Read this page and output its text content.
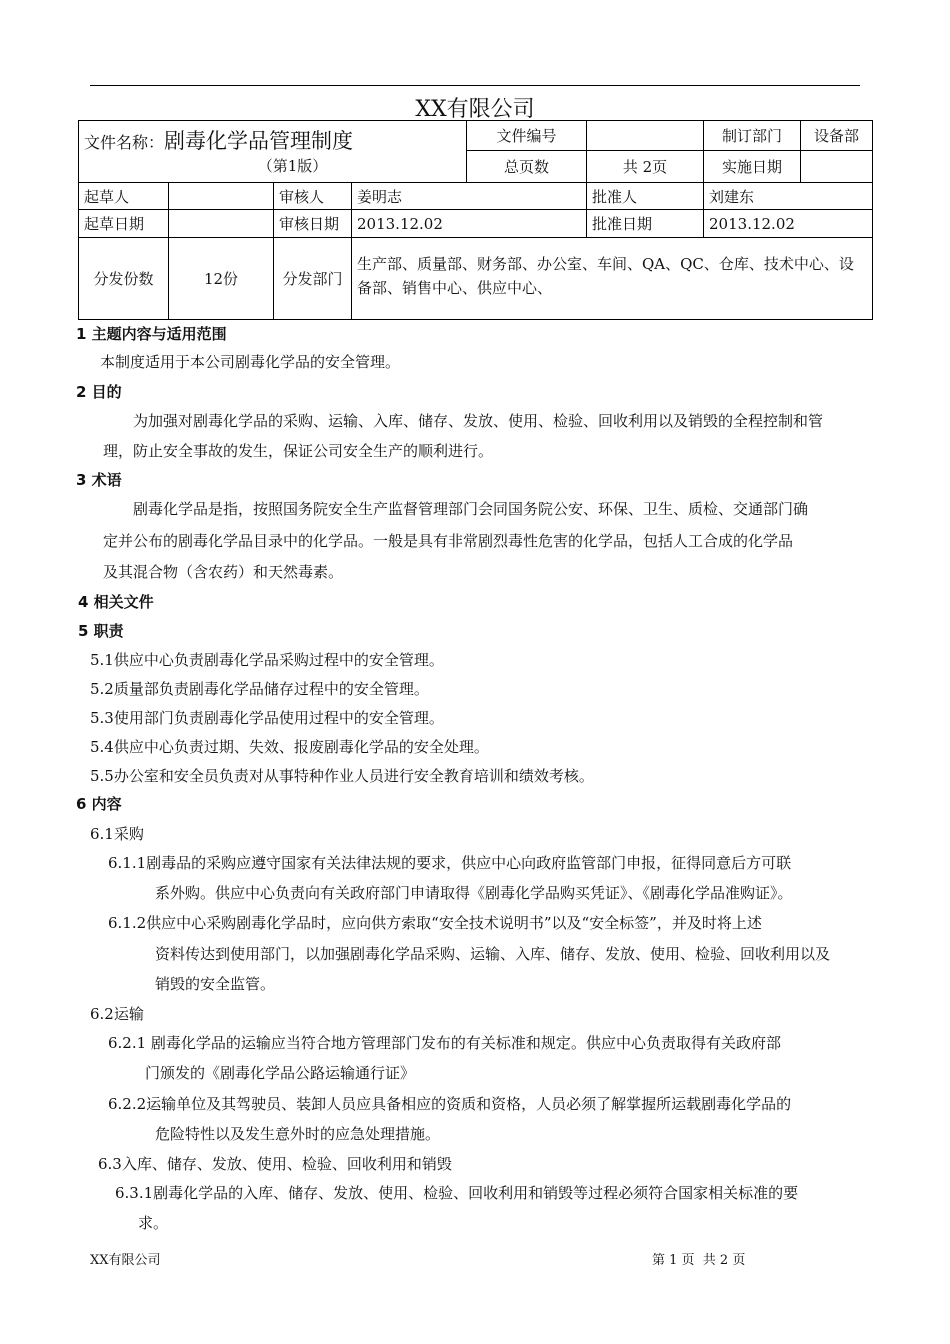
XX有限公司
文件名称：剧毒化学品管理制度
（第1版）				文件编号		制订部门	设备部
				总页数	共 2页	实施日期	
起草人		审核人	姜明志		批准人	刘建东	
起草日期		审核日期	2013.12.02		批准日期	2013.12.02	
分发份数	12份	分发部门	生产部、质量部、财务部、办公室、车间、QA、QC、仓库、技术中心、设备部、销售中心、供应中心、				
1 主题内容与适用范围
本制度适用于本公司剧毒化学品的安全管理。
2 目的
为加强对剧毒化学品的采购、运输、入库、储存、发放、使用、检验、回收利用以及销毁的全程控制和管
理，防止安全事故的发生，保证公司安全生产的顺利进行。
3 术语
剧毒化学品是指，按照国务院安全生产监督管理部门会同国务院公安、环保、卫生、质检、交通部门确
定并公布的剧毒化学品目录中的化学品。一般是具有非常剧烈毒性危害的化学品，包括人工合成的化学品
及其混合物（含农药）和天然毒素。
4 相关文件
5 职责
5.1供应中心负责剧毒化学品采购过程中的安全管理。
5.2质量部负责剧毒化学品储存过程中的安全管理。
5.3使用部门负责剧毒化学品使用过程中的安全管理。
5.4供应中心负责过期、失效、报废剧毒化学品的安全处理。
5.5办公室和安全员负责对从事特种作业人员进行安全教育培训和绩效考核。
6 内容
6.1采购
6.1.1剧毒品的采购应遵守国家有关法律法规的要求，供应中心向政府监管部门申报，征得同意后方可联
系外购。供应中心负责向有关政府部门申请取得《剧毒化学品购买凭证》、《剧毒化学品准购证》。
6.1.2供应中心采购剧毒化学品时，应向供方索取“安全技术说明书”以及“安全标签”，并及时将上述
资料传达到使用部门，以加强剧毒化学品采购、运输、入库、储存、发放、使用、检验、回收利用以及
销毁的安全监管。
6.2运输
6.2.1 剧毒化学品的运输应当符合地方管理部门发布的有关标准和规定。供应中心负责取得有关政府部
门颁发的《剧毒化学品公路运输通行证》
6.2.2运输单位及其驾驶员、装卸人员应具备相应的资质和资格，人员必须了解掌握所运载剧毒化学品的
危险特性以及发生意外时的应急处理措施。
6.3入库、储存、发放、使用、检验、回收利用和销毁
6.3.1剧毒化学品的入库、储存、发放、使用、检验、回收利用和销毁等过程必须符合国家相关标准的要
求。
XX有限公司	第 1 页  共 2 页
